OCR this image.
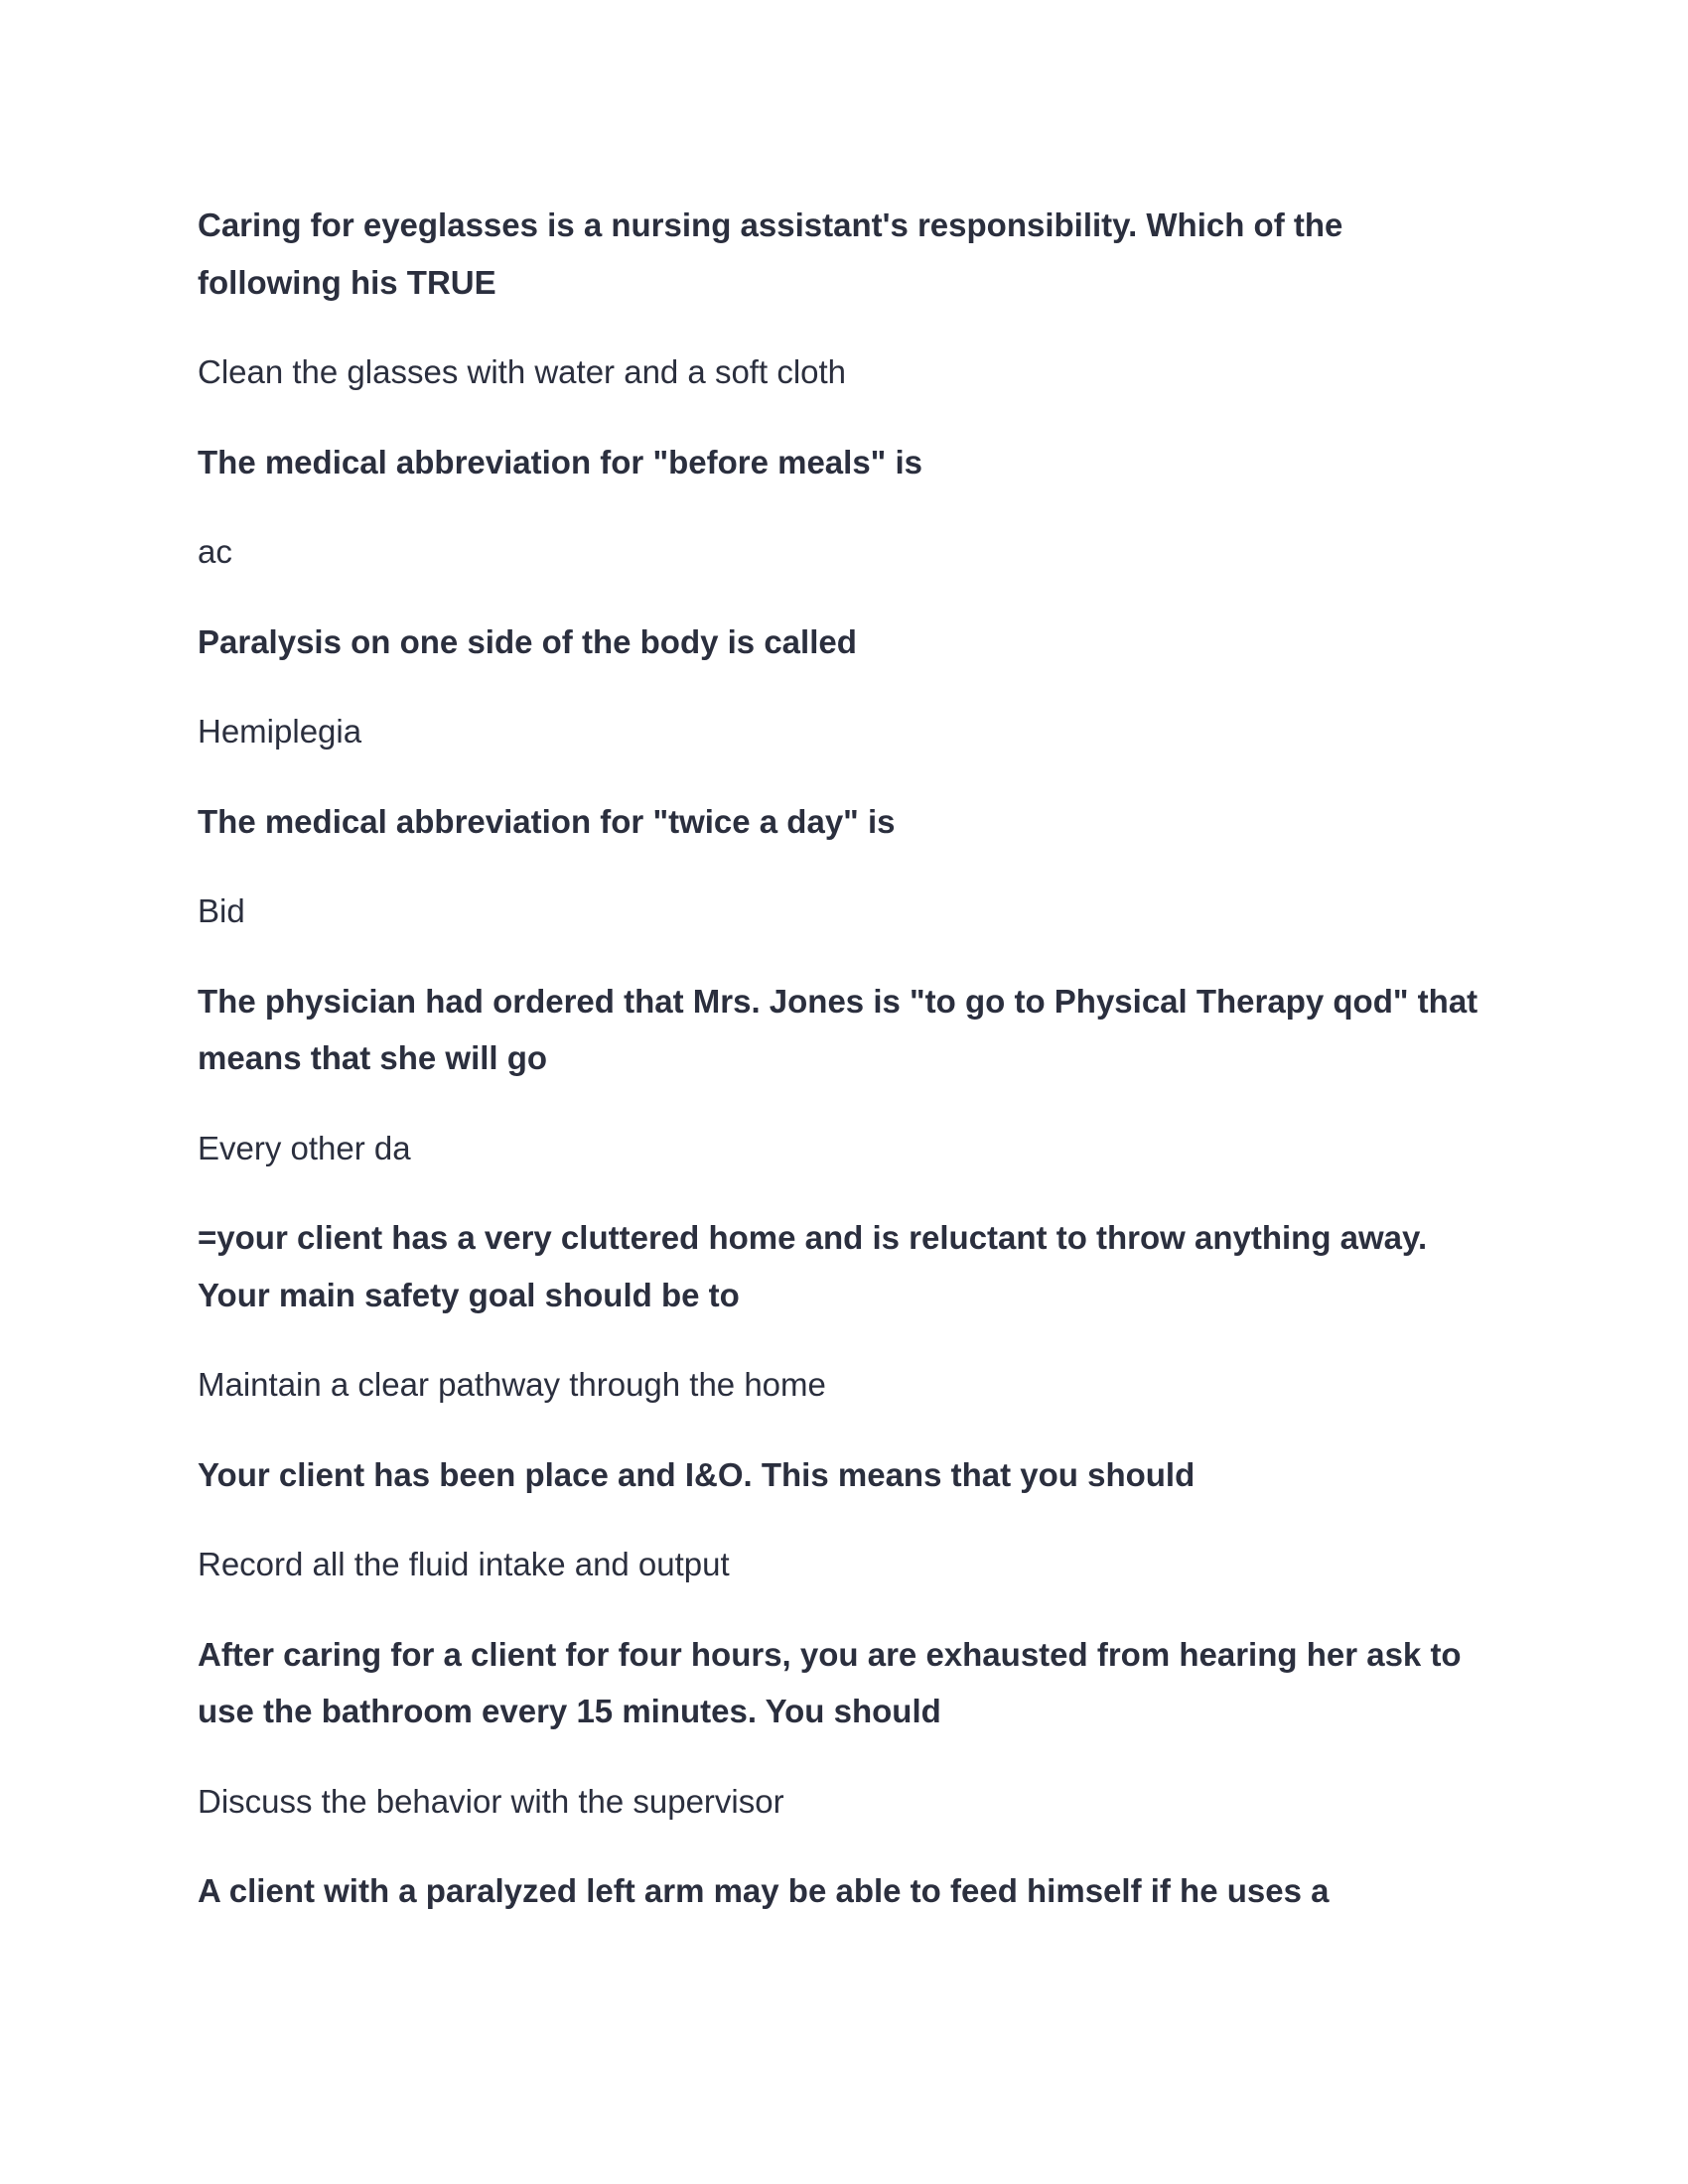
Caring for eyeglasses is a nursing assistant's responsibility. Which of the following his TRUE

Clean the glasses with water and a soft cloth

The medical abbreviation for "before meals" is

ac

Paralysis on one side of the body is called

Hemiplegia

The medical abbreviation for "twice a day" is

Bid

The physician had ordered that Mrs. Jones is "to go to Physical Therapy qod" that means that she will go

Every other da

=your client has a very cluttered home and is reluctant to throw anything away. Your main safety goal should be to

Maintain a clear pathway through the home

Your client has been place and I&O. This means that you should

Record all the fluid intake and output

After caring for a client for four hours, you are exhausted from hearing her ask to use the bathroom every 15 minutes. You should

Discuss the behavior with the supervisor

A client with a paralyzed left arm may be able to feed himself if he uses a
